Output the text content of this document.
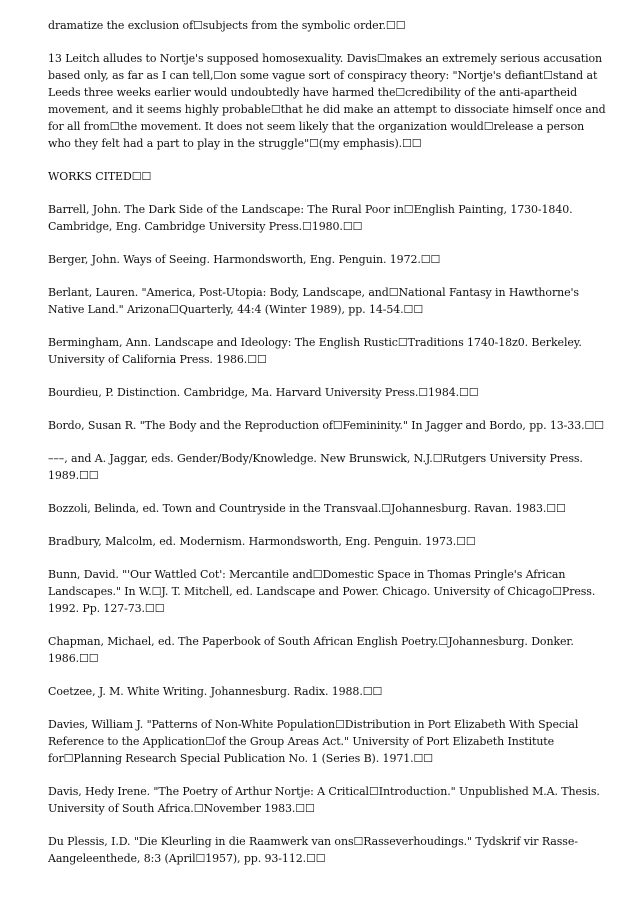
dramatize the exclusion of☐subjects from the symbolic order.☐☐

13 Leitch alludes to Nortje's supposed homosexuality. Davis☐makes an extremely serious accusation based only, as far as I can tell,☐on some vague sort of conspiracy theory: "Nortje's defiant☐stand at Leeds three weeks earlier would undoubtedly have harmed the☐credibility of the anti-apartheid movement, and it seems highly probable☐that he did make an attempt to dissociate himself once and for all from☐the movement. It does not seem likely that the organization would☐release a person who they felt had a part to play in the struggle"☐(my emphasis).☐☐

WORKS CITED☐☐

Barrell, John. The Dark Side of the Landscape: The Rural Poor in☐English Painting, 1730-1840. Cambridge, Eng. Cambridge University Press.☐1980.☐☐

Berger, John. Ways of Seeing. Harmondsworth, Eng. Penguin. 1972.☐☐

Berlant, Lauren. "America, Post-Utopia: Body, Landscape, and☐National Fantasy in Hawthorne's Native Land." Arizona☐Quarterly, 44:4 (Winter 1989), pp. 14-54.☐☐

Bermingham, Ann. Landscape and Ideology: The English Rustic☐Traditions 1740-18z0. Berkeley. University of California Press. 1986.☐☐

Bourdieu, P. Distinction. Cambridge, Ma. Harvard University Press.☐1984.☐☐

Bordo, Susan R. "The Body and the Reproduction of☐Femininity." In Jagger and Bordo, pp. 13-33.☐☐

–––, and A. Jaggar, eds. Gender/Body/Knowledge. New Brunswick, N.J.☐Rutgers University Press. 1989.☐☐

Bozzoli, Belinda, ed. Town and Countryside in the Transvaal.☐Johannesburg. Ravan. 1983.☐☐

Bradbury, Malcolm, ed. Modernism. Harmondsworth, Eng. Penguin. 1973.☐☐

Bunn, David. "'Our Wattled Cot': Mercantile and☐Domestic Space in Thomas Pringle's African Landscapes." In W.☐J. T. Mitchell, ed. Landscape and Power. Chicago. University of Chicago☐Press. 1992. Pp. 127-73.☐☐

Chapman, Michael, ed. The Paperbook of South African English Poetry.☐Johannesburg. Donker. 1986.☐☐

Coetzee, J. M. White Writing. Johannesburg. Radix. 1988.☐☐

Davies, William J. "Patterns of Non-White Population☐Distribution in Port Elizabeth With Special Reference to the Application☐of the Group Areas Act." University of Port Elizabeth Institute for☐Planning Research Special Publication No. 1 (Series B). 1971.☐☐

Davis, Hedy Irene. "The Poetry of Arthur Nortje: A Critical☐Introduction." Unpublished M.A. Thesis. University of South Africa.☐November 1983.☐☐

Du Plessis, I.D. "Die Kleurling in die Raamwerk van ons☐Rasseverhoudings." Tydskrif vir Rasse-Aangeleenthede, 8:3 (April☐1957), pp. 93-112.☐☐
